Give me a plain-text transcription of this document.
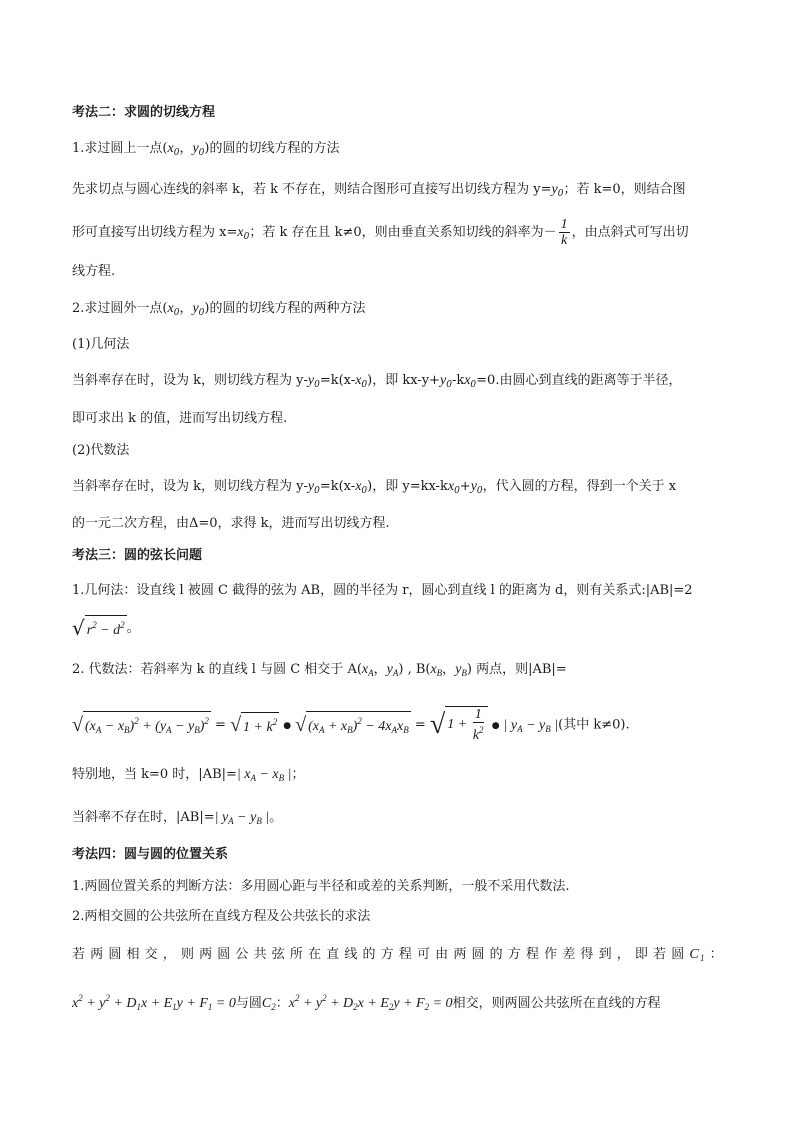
考法二：求圆的切线方程
1.求过圆上一点($x_0$，$y_0$)的圆的切线方程的方法
先求切点与圆心连线的斜率 k，若 k 不存在，则结合图形可直接写出切线方程为 $y=y_0$；若 k=0，则结合图
形可直接写出切线方程为 $x=x_0$；若 k 存在且 k≠0，则由垂直关系知切线的斜率为－ $\frac{1}{k}$ ，由点斜式可写出切
线方程.
2.求过圆外一点($x_0$，$y_0$)的圆的切线方程的两种方法
(1)几何法
当斜率存在时，设为 k，则切线方程为 $y-y_0=k(x-x_0)$，即 $kx-y+y_0-kx_0=0$.由圆心到直线的距离等于半径，
即可求出 k 的值，进而写出切线方程.
(2)代数法
当斜率存在时，设为 k，则切线方程为 $y-y_0=k(x-x_0)$，即 $y=kx-kx_0+y_0$，代入圆的方程，得到一个关于 x
的一元二次方程，由Δ=0，求得 k，进而写出切线方程.
考法三：圆的弦长问题
1.几何法：设直线 l 被圆 C 截得的弦为 AB，圆的半径为 r，圆心到直线 l 的距离为 d，则有关系式:|AB|=2
√ $r^2 - d^2$ 。
2. 代数法：若斜率为 k 的直线 l 与圆 C 相交于 $A(x_A$，$y_A$) , $B(x_B$，$y_B$) 两点，则|AB|=
√ $(x_A - x_B)^2 + (y_A - y_B)^2$ = √ $1 + k^2$ ● √ $(x_A + x_B)^2 - 4x_Ax_B$ = √ $1 + \frac{1}{k^2}$ ● | $y_A - y_B$ |(其中 k≠0).
特别地，当 k=0 时，|AB|=| $x_A - x_B$ |；
当斜率不存在时，|AB|=| $y_A - y_B$ |。
考法四：圆与圆的位置关系
1.两圆位置关系的判断方法：多用圆心距与半径和或差的关系判断，一般不采用代数法.
2.两相交圆的公共弦所在直线方程及公共弦长的求法
若两圆相交，则两圆公共弦所在直线的方程可由两圆的方程作差得到，即若圆$C_1$：
$x^2 + y^2 + D_1x + E_1y + F_1 = 0$与圆$C_2$：$x^2 + y^2 + D_2x + E_2y + F_2 = 0$相交，则两圆公共弦所在直线的方程
